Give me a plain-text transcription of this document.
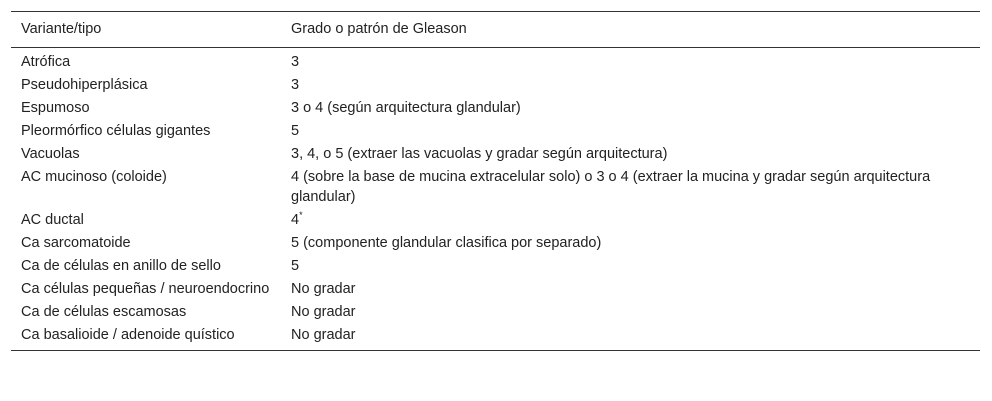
Variante/tipo	Grado o patrón de Gleason
Atrófica	3
Pseudohiperplásica	3
Espumoso	3 o 4 (según arquitectura glandular)
Pleormórfico células gigantes	5
Vacuolas	3, 4, o 5 (extraer las vacuolas y gradar según arquitectura)
AC mucinoso (coloide)	4 (sobre la base de mucina extracelular solo) o 3 o 4 (extraer la mucina y gradar según arquitectura glandular)
AC ductal	4*
Ca sarcomatoide	5 (componente glandular clasifica por separado)
Ca de células en anillo de sello	5
Ca células pequeñas / neuroendocrino	No gradar
Ca de células escamosas	No gradar
Ca basalioide / adenoide quístico	No gradar
